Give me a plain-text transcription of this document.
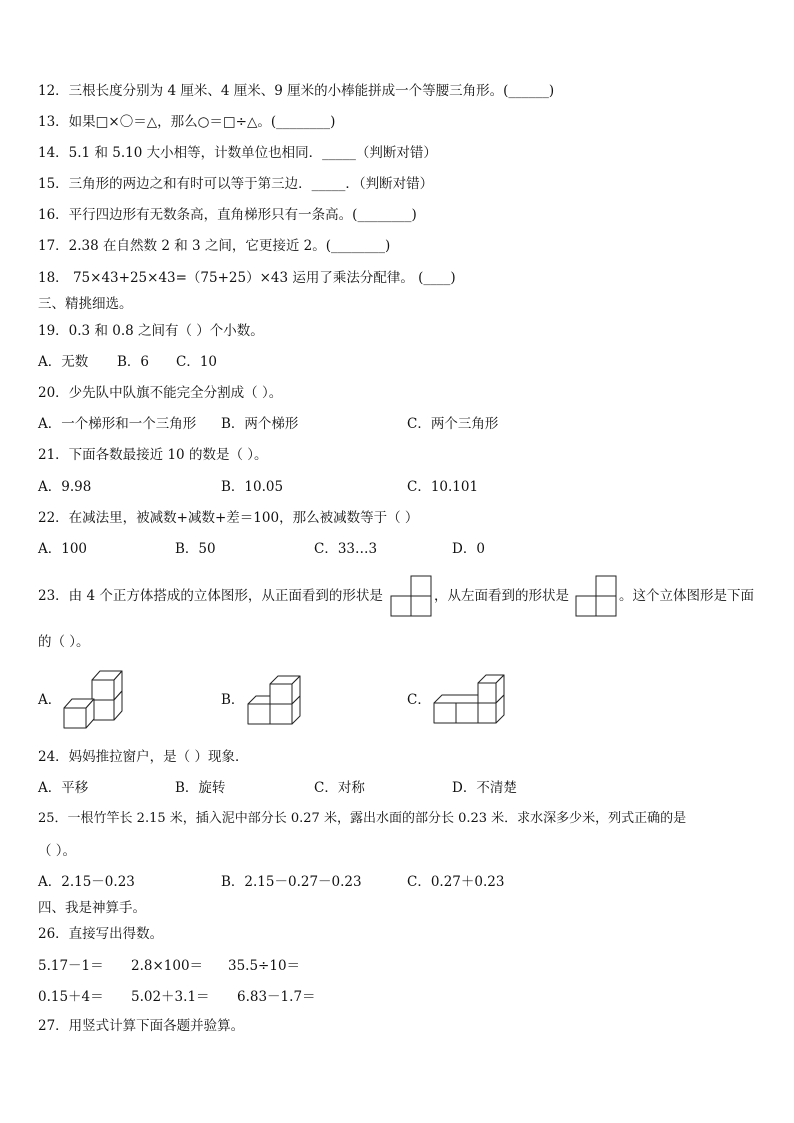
12．三根长度分别为 4 厘米、4 厘米、9 厘米的小棒能拼成一个等腰三角形。(______)
13．如果□×〇＝△，那么○＝□÷△。(________)
14．5.1 和 5.10 大小相等，计数单位也相同．_____（判断对错）
15．三角形的两边之和有时可以等于第三边．_____．（判断对错）
16．平行四边形有无数条高，直角梯形只有一条高。(________)
17．2.38 在自然数 2 和 3 之间，它更接近 2。(________)
18． 75×43+25×43=（75+25）×43 运用了乘法分配律。 (____)
三、精挑细选。
19．0.3 和 0.8 之间有（ ）个小数。
A．无数 B．6 C．10
20．少先队中队旗不能完全分割成（ ）。
A．一个梯形和一个三角形 B．两个梯形	C．两个三角形
21．下面各数最接近 10 的数是（ ）。
A．9.98	B．10.05	C．10.101
22．在减法里，被减数+减数+差＝100，那么被减数等于（ ）
A．100	B．50	C．33…3	D．0
23．由 4 个正方体搭成的立体图形，从正面看到的形状是	，从左面看到的形状是	。这个立体图形是下面
的（ ）。
A．	B．	C．
24．妈妈推拉窗户，是（ ）现象．
A．平移	B．旋转	C．对称	D．不清楚
25．一根竹竿长 2.15 米，插入泥中部分长 0.27 米，露出水面的部分长 0.23 米．求水深多少米，列式正确的是
（ ）。
A．2.15－0.23	B．2.15－0.27－0.23	C．0.27＋0.23
四、我是神算手。
26．直接写出得数。
5.17－1＝ 2.8×100＝ 35.5÷10＝
0.15＋4＝ 5.02＋3.1＝ 6.83－1.7＝
27．用竖式计算下面各题并验算。
